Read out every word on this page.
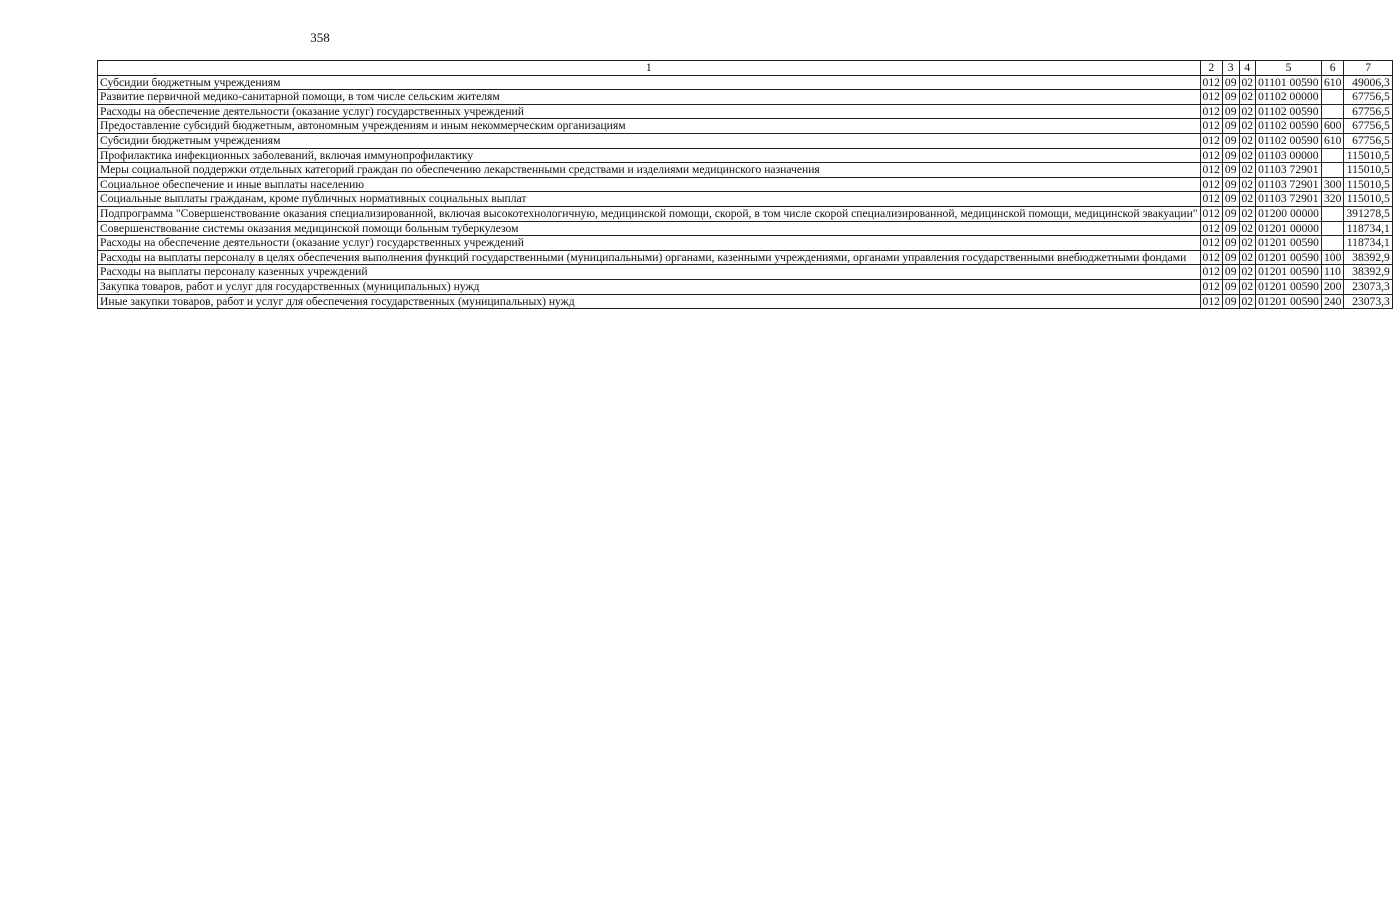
358
1	2	3	4	5	6	7
Субсидии бюджетным учреждениям	012	09	02	01101 00590	610	49006,3
Развитие первичной медико-санитарной помощи, в том числе сельским жителям	012	09	02	01102 00000		67756,5
Расходы на обеспечение деятельности (оказание услуг) государственных учреждений	012	09	02	01102 00590		67756,5
Предоставление субсидий бюджетным, автономным учреждениям и иным некоммерческим организациям	012	09	02	01102 00590	600	67756,5
Субсидии бюджетным учреждениям	012	09	02	01102 00590	610	67756,5
Профилактика инфекционных заболеваний, включая иммунопрофилактику	012	09	02	01103 00000		115010,5
Меры социальной поддержки отдельных категорий граждан по обеспечению лекарственными средствами и изделиями медицинского назначения	012	09	02	01103 72901		115010,5
Социальное обеспечение и иные выплаты населению	012	09	02	01103 72901	300	115010,5
Социальные выплаты гражданам, кроме публичных нормативных социальных выплат	012	09	02	01103 72901	320	115010,5
Подпрограмма "Совершенствование оказания специализированной, включая высокотехнологичную, медицинской помощи, скорой, в том числе скорой специализированной, медицинской помощи, медицинской эвакуации"	012	09	02	01200 00000		391278,5
Совершенствование системы оказания медицинской помощи больным туберкулезом	012	09	02	01201 00000		118734,1
Расходы на обеспечение деятельности (оказание услуг) государственных учреждений	012	09	02	01201 00590		118734,1
Расходы на выплаты персоналу в целях обеспечения выполнения функций государственными (муниципальными) органами, казенными учреждениями, органами управления государственными внебюджетными фондами	012	09	02	01201 00590	100	38392,9
Расходы на выплаты персоналу казенных учреждений	012	09	02	01201 00590	110	38392,9
Закупка товаров, работ и услуг для государственных (муниципальных) нужд	012	09	02	01201 00590	200	23073,3
Иные закупки товаров, работ и услуг для обеспечения государственных (муниципальных) нужд	012	09	02	01201 00590	240	23073,3
